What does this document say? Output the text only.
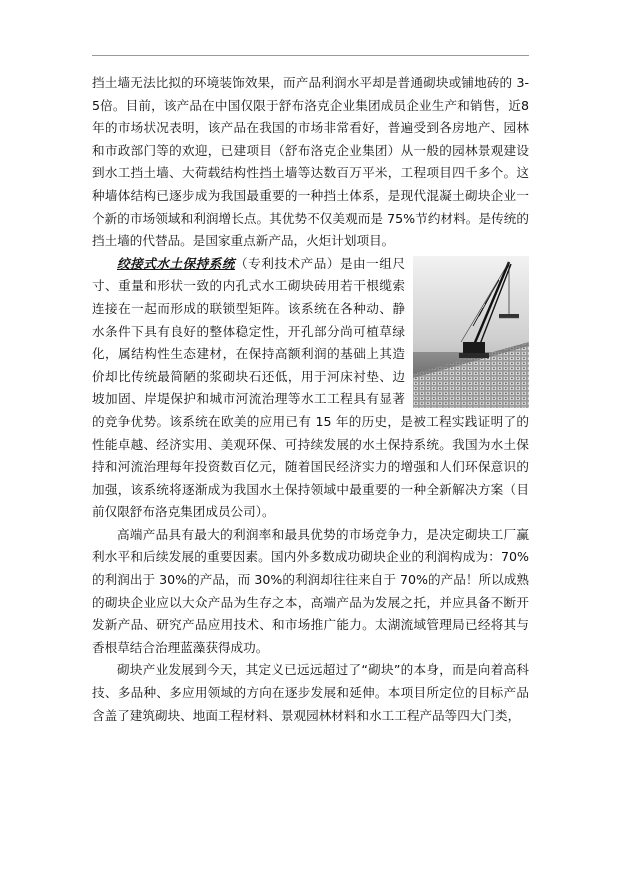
挡土墙无法比拟的环境装饰效果，而产品利润水平却是普通砌块或铺地砖的 3-5倍。目前，该产品在中国仅限于舒布洛克企业集团成员企业生产和销售，近8年的市场状况表明，该产品在我国的市场非常看好，普遍受到各房地产、园林和市政部门等的欢迎，已建项目（舒布洛克企业集团）从一般的园林景观建设到水工挡土墙、大荷载结构性挡土墙等达数百万平米，工程项目四千多个。这种墙体结构已逐步成为我国最重要的一种挡土体系，是现代混凝土砌块企业一个新的市场领域和利润增长点。其优势不仅美观而是 75%节约材料。是传统的挡土墙的代替品。是国家重点新产品，火炬计划项目。

绞接式水土保持系统（专利技术产品）是由一组尺寸、重量和形状一致的内孔式水工砌块砖用若干根缆索连接在一起而形成的联锁型矩阵。该系统在各种动、静水条件下具有良好的整体稳定性，开孔部分尚可植草绿化，属结构性生态建材，在保持高额利润的基础上其造价却比传统最简陋的浆砌块石还低，用于河床衬垫、边坡加固、岸堤保护和城市河流治理等水工工程具有显著的竞争优势。该系统在欧美的应用已有 15 年的历史，是被工程实践证明了的性能卓越、经济实用、美观环保、可持续发展的水土保持系统。我国为水土保持和河流治理每年投资数百亿元，随着国民经济实力的增强和人们环保意识的加强，该系统将逐渐成为我国水土保持领域中最重要的一种全新解决方案（目前仅限舒布洛克集团成员公司）。

高端产品具有最大的利润率和最具优势的市场竞争力，是决定砌块工厂赢利水平和后续发展的重要因素。国内外多数成功砌块企业的利润构成为：70%的利润出于 30%的产品，而 30%的利润却往往来自于 70%的产品！所以成熟的砌块企业应以大众产品为生存之本，高端产品为发展之托，并应具备不断开发新产品、研究产品应用技术、和市场推广能力。太湖流域管理局已经将其与香根草结合治理蓝藻获得成功。

砌块产业发展到今天，其定义已远远超过了“砌块”的本身，而是向着高科技、多品种、多应用领域的方向在逐步发展和延伸。本项目所定位的目标产品含盖了建筑砌块、地面工程材料、景观园林材料和水工工程产品等四大门类，
